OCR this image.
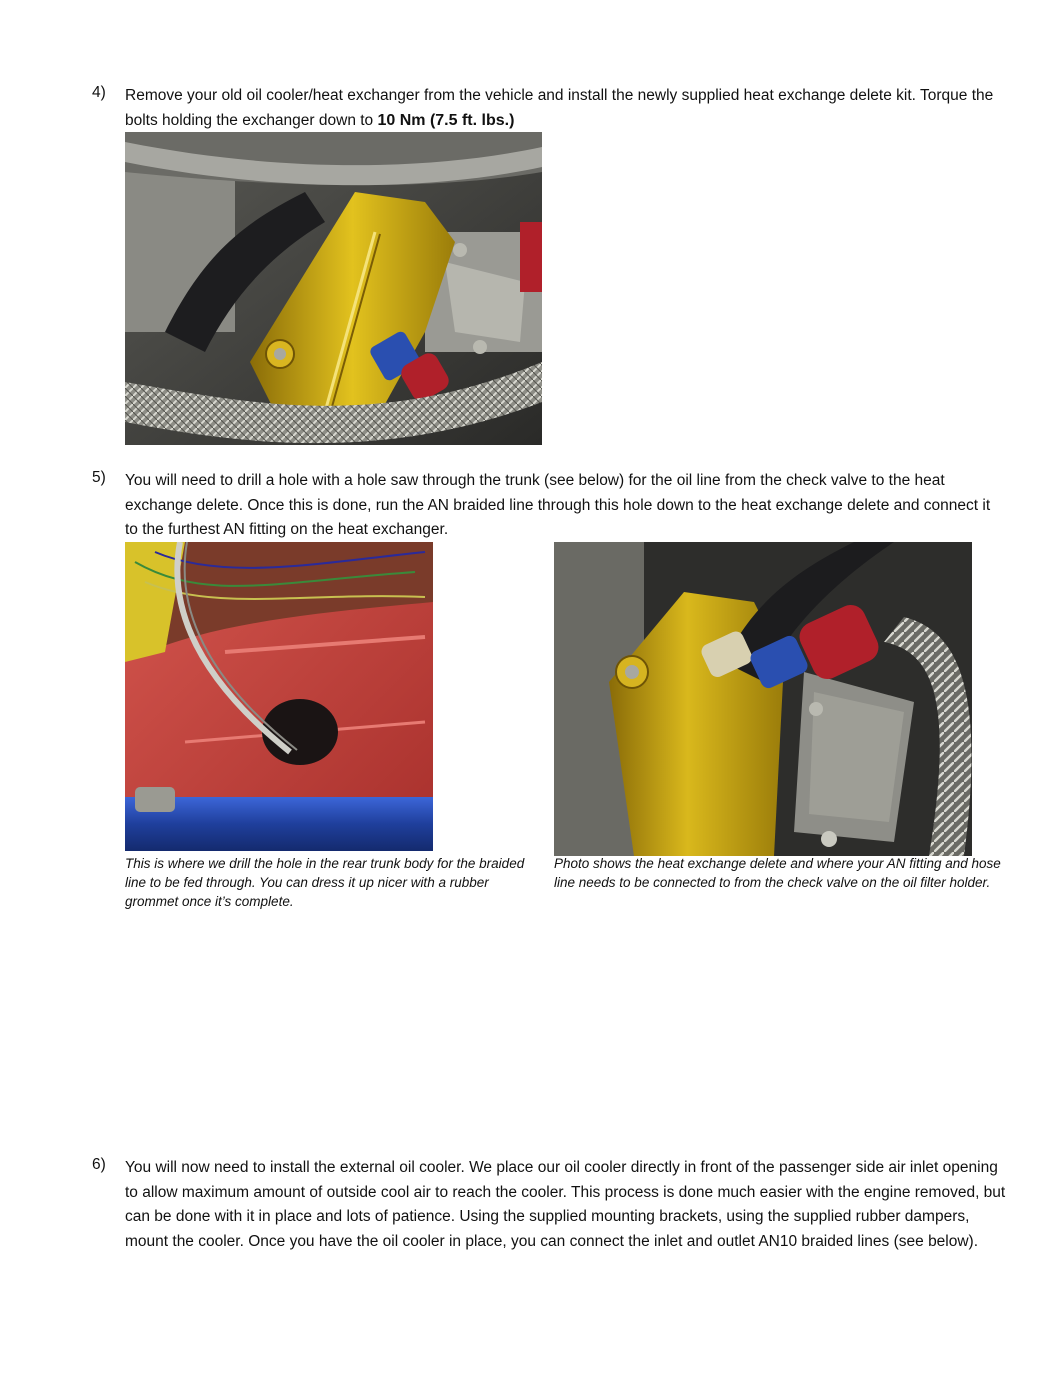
4) Remove your old oil cooler/heat exchanger from the vehicle and install the newly supplied heat exchange delete kit. Torque the bolts holding the exchanger down to 10 Nm (7.5 ft. lbs.)
5) You will need to drill a hole with a hole saw through the trunk (see below) for the oil line from the check valve to the heat exchange delete. Once this is done, run the AN braided line through this hole down to the heat exchange delete and connect it to the furthest AN fitting on the heat exchanger.
This is where we drill the hole in the rear trunk body for the braided line to be fed through. You can dress it up nicer with a rubber grommet once it’s complete.
Photo shows the heat exchange delete and where your AN fitting and hose line needs to be connected to from the check valve on the oil filter holder.
6) You will now need to install the external oil cooler. We place our oil cooler directly in front of the passenger side air inlet opening to allow maximum amount of outside cool air to reach the cooler. This process is done much easier with the engine removed, but can be done with it in place and lots of patience. Using the supplied mounting brackets, using the supplied rubber dampers, mount the cooler. Once you have the oil cooler in place, you can connect the inlet and outlet AN10 braided lines (see below).
